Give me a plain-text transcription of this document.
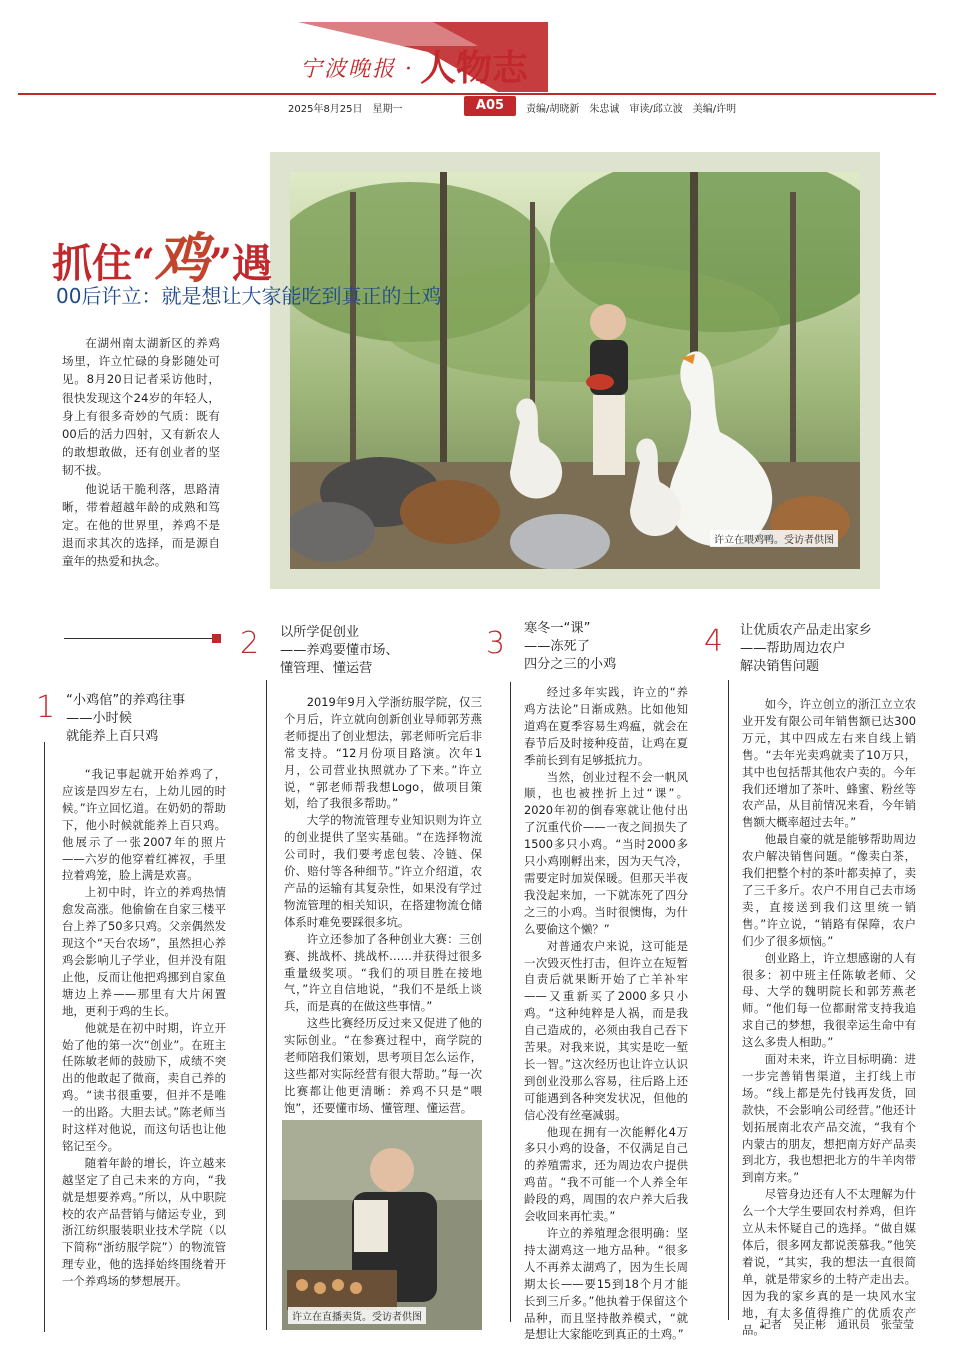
宁波晚报 · 人物志
2025年8月25日　星期一	A05	责编/胡晓新　朱忠诚　审读/邱立波　美编/许明
许立在喂鸡鸭。受访者供图
抓住“鸡”遇
00后许立：就是想让大家能吃到真正的土鸡

在湖州南太湖新区的养鸡场里，许立忙碌的身影随处可见。8月20日记者采访他时，很快发现这个24岁的年轻人，身上有很多奇妙的气质：既有00后的活力四射，又有新农人的敢想敢做，还有创业者的坚韧不拔。

他说话干脆利落，思路清晰，带着超越年龄的成熟和笃定。在他的世界里，养鸡不是退而求其次的选择，而是源自童年的热爱和执念。

1 “小鸡倌”的养鸡往事
——小时候
就能养上百只鸡

“我记事起就开始养鸡了，应该是四岁左右，上幼儿园的时候。”许立回忆道。在奶奶的帮助下，他小时候就能养上百只鸡。他展示了一张2007年的照片——六岁的他穿着红裤衩，手里拉着鸡笼，脸上满是欢喜。

上初中时，许立的养鸡热情愈发高涨。他偷偷在自家三楼平台上养了50多只鸡。父亲偶然发现这个“天台农场”，虽然担心养鸡会影响儿子学业，但并没有阻止他，反而让他把鸡挪到自家鱼塘边上养——那里有大片闲置地，更利于鸡的生长。

他就是在初中时期，许立开始了他的第一次“创业”。在班主任陈敏老师的鼓励下，成绩不突出的他敢起了微商，卖自己养的鸡。“读书很重要，但并不是唯一的出路。大胆去试。”陈老师当时这样对他说，而这句话也让他铭记至今。

随着年龄的增长，许立越来越坚定了自己未来的方向，“我就是想要养鸡。”所以，从中职院校的农产品营销与储运专业，到浙江纺织服装职业技术学院（以下简称“浙纺服学院”）的物流管理专业，他的选择始终围绕着开一个养鸡场的梦想展开。

2 以所学促创业
——养鸡要懂市场、
懂管理、懂运营

2019年9月入学浙纺服学院，仅三个月后，许立就向创新创业导师郭芳燕老师提出了创业想法，郭老师听完后非常支持。“12月份项目路演。次年1月，公司营业执照就办了下来。”许立说，“郭老师帮我想Logo，做项目策划，给了我很多帮助。”

大学的物流管理专业知识则为许立的创业提供了坚实基础。“在选择物流公司时，我们要考虑包装、冷链、保价、赔付等各种细节。”许立介绍道，农产品的运输有其复杂性，如果没有学过物流管理的相关知识，在搭建物流仓储体系时难免要踩很多坑。

许立还参加了各种创业大赛：三创赛、挑战杯、挑战杯……并获得过很多重量级奖项。“我们的项目胜在接地气，”许立自信地说，“我们不是纸上谈兵，而是真的在做这些事情。”

这些比赛经历反过来又促进了他的实际创业。“在参赛过程中，商学院的老师陪我们策划，思考项目怎么运作，这些都对实际经营有很大帮助。”每一次比赛都让他更清晰：养鸡不只是“喂饱”，还要懂市场、懂管理、懂运营。

许立在直播卖货。受访者供图
3 寒冬一“课”
——冻死了
四分之三的小鸡

经过多年实践，许立的“养鸡方法论”日渐成熟。比如他知道鸡在夏季容易生鸡瘟，就会在春节后及时接种疫苗，让鸡在夏季前长到有足够抵抗力。

当然，创业过程不会一帆风顺，也也被挫折上过“课”。2020年初的倒春寒就让他付出了沉重代价——一夜之间损失了1500多只小鸡。“当时2000多只小鸡刚孵出来，因为天气冷，需要定时加炭保暖。但那天半夜我没起来加，一下就冻死了四分之三的小鸡。当时很懊悔，为什么要偷这个懒？”

对普通农户来说，这可能是一次毁灭性打击，但许立在短暂自责后就果断开始了亡羊补牢——又重新买了2000多只小鸡。“这种纯粹是人祸，而是我自己造成的，必须由我自己吞下苦果。对我来说，其实是吃一堑长一智。”这次经历也让许立认识到创业没那么容易，往后路上还可能遇到各种突发状况，但他的信心没有丝毫减弱。

他现在拥有一次能孵化4万多只小鸡的设备，不仅满足自己的养殖需求，还为周边农户提供鸡苗。“我不可能一个人养全年龄段的鸡，周围的农户养大后我会收回来再忙卖。”

许立的养殖理念很明确：坚持太湖鸡这一地方品种。“很多人不再养太湖鸡了，因为生长周期太长——要15到18个月才能长到三斤多。”他执着于保留这个品种，而且坚持散养模式，“就是想让大家能吃到真正的土鸡。”

4 让优质农产品走出家乡
——帮助周边农户
解决销售问题

如今，许立创立的浙江立立农业开发有限公司年销售额已达300万元，其中四成左右来自线上销售。“去年光卖鸡就卖了10万只，其中也包括帮其他农户卖的。今年我们还增加了茶叶、蜂蜜、粉丝等农产品，从目前情况来看，今年销售额大概率超过去年。”

他最自豪的就是能够帮助周边农户解决销售问题。“像卖白茶，我们把整个村的茶叶都卖掉了，卖了三千多斤。农户不用自己去市场卖，直接送到我们这里统一销售。”许立说，“销路有保障，农户们少了很多烦恼。”

创业路上，许立想感谢的人有很多：初中班主任陈敏老师、父母、大学的魏明院长和郭芳燕老师。“他们每一位都耐常支持我追求自己的梦想，我很幸运生命中有这么多贵人相助。”

面对未来，许立目标明确：进一步完善销售渠道，主打线上市场。“线上都是先付钱再发货，回款快，不会影响公司经营。”他还计划拓展南北农产品交流，“我有个内蒙古的朋友，想把南方好产品卖到北方，我也想把北方的牛羊肉带到南方来。”

尽管身边还有人不太理解为什么一个大学生要回农村养鸡，但许立从未怀疑自己的选择。“做自媒体后，很多网友都说羡慕我。”他笑着说，“其实，我的想法一直很简单，就是带家乡的土特产走出去。因为我的家乡真的是一块风水宝地，有太多值得推广的优质农产品。”

记者　吴正彬　通讯员　张莹莹
